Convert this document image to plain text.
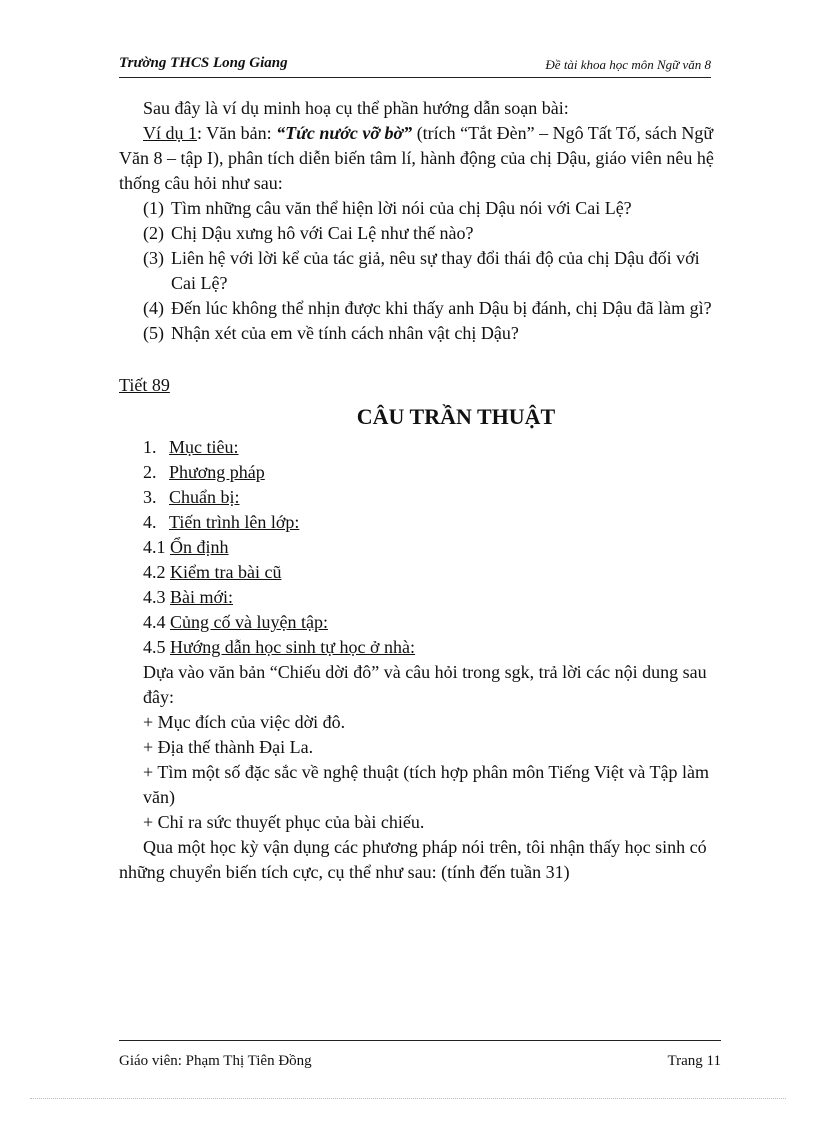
Trường THCS Long Giang	Đề tài khoa học môn Ngữ văn 8

Sau đây là ví dụ minh hoạ cụ thể phần hướng dẫn soạn bài:

Ví dụ 1: Văn bản: “Tức nước vỡ bờ” (trích “Tắt Đèn” – Ngô Tất Tố, sách Ngữ Văn 8 – tập I), phân tích diễn biến tâm lí, hành động của chị Dậu, giáo viên nêu hệ thống câu hỏi như sau:

(1) Tìm những câu văn thể hiện lời nói của chị Dậu nói với Cai Lệ?
(2) Chị Dậu xưng hô với Cai Lệ như thế nào?
(3) Liên hệ với lời kể của tác giả, nêu sự thay đổi thái độ của chị Dậu đối với Cai Lệ?
(4) Đến lúc không thể nhịn được khi thấy anh Dậu bị đánh, chị Dậu đã làm gì?
(5) Nhận xét của em về tính cách nhân vật chị Dậu?

Tiết 89

CÂU TRẦN THUẬT

1. Mục tiêu:
2. Phương pháp
3. Chuẩn bị:
4. Tiến trình lên lớp:
4.1 Ổn định
4.2 Kiểm tra bài cũ
4.3 Bài mới:
4.4 Củng cố và luyện tập:
4.5 Hướng dẫn học sinh tự học ở nhà:

Dựa vào văn bản “Chiếu dời đô” và câu hỏi trong sgk, trả lời các nội dung sau đây:

+ Mục đích của việc dời đô.

+ Địa thế thành Đại La.

+ Tìm một số đặc sắc về nghệ thuật (tích hợp phân môn Tiếng Việt và Tập làm văn)

+ Chỉ ra sức thuyết phục của bài chiếu.

Qua một học kỳ vận dụng các phương pháp nói trên, tôi nhận thấy học sinh có những chuyển biến tích cực, cụ thể như sau: (tính đến tuần 31)

Giáo viên: Phạm Thị Tiên Đồng	Trang 11
